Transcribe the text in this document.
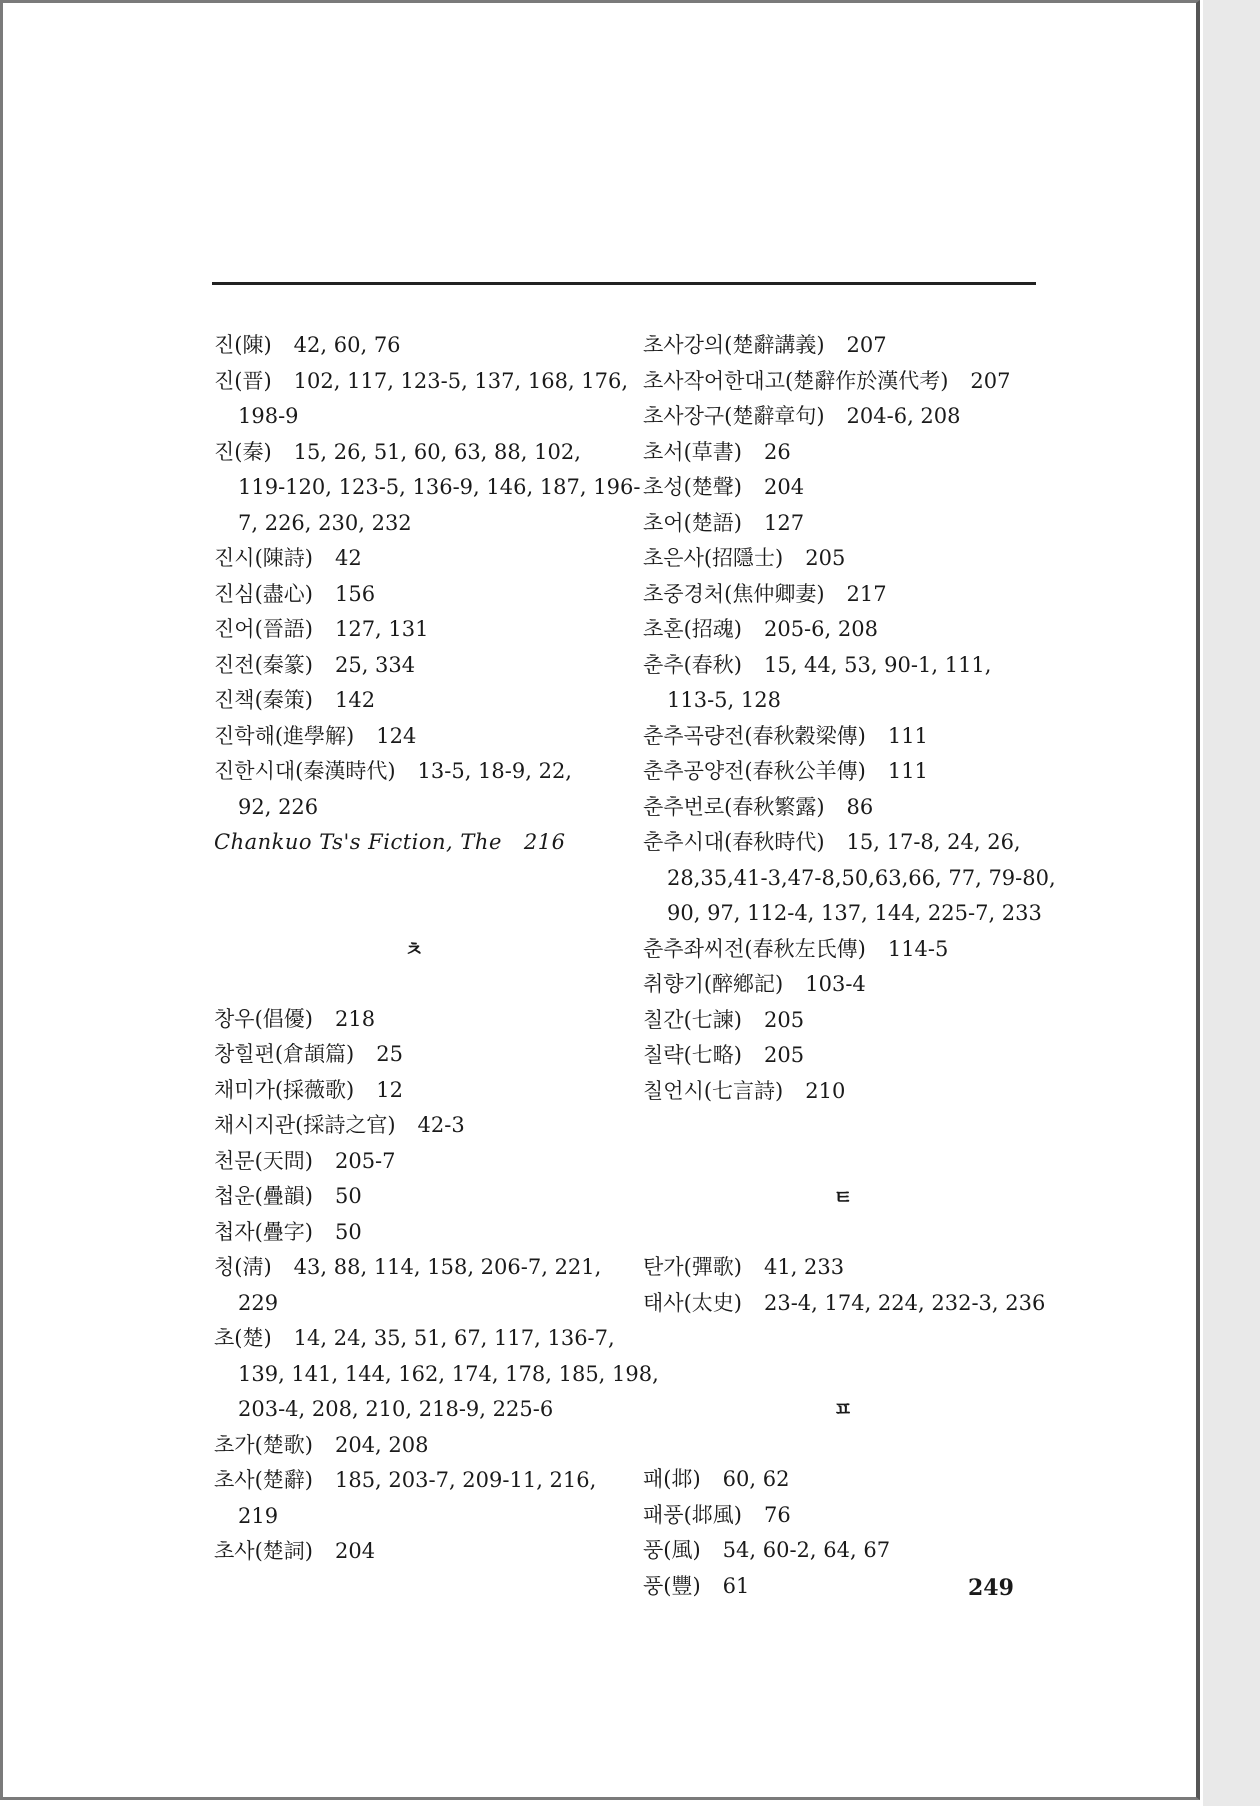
진(陳) 42, 60, 76
진(晋) 102, 117, 123-5, 137, 168, 176,
198-9
진(秦) 15, 26, 51, 60, 63, 88, 102,
119-120, 123-5, 136-9, 146, 187, 196-
7, 226, 230, 232
진시(陳詩) 42
진심(盡心) 156
진어(晉語) 127, 131
진전(秦篆) 25, 334
진책(秦策) 142
진학해(進學解) 124
진한시대(秦漢時代) 13-5, 18-9, 22,
92, 226
Chankuo Ts's Fiction, The 216
ㅊ
창우(倡優) 218
창힐편(倉頡篇) 25
채미가(採薇歌) 12
채시지관(採詩之官) 42-3
천문(天問) 205-7
첩운(疊韻) 50
첩자(疊字) 50
청(淸) 43, 88, 114, 158, 206-7, 221,
229
초(楚) 14, 24, 35, 51, 67, 117, 136-7,
139, 141, 144, 162, 174, 178, 185, 198,
203-4, 208, 210, 218-9, 225-6
초가(楚歌) 204, 208
초사(楚辭) 185, 203-7, 209-11, 216,
219
초사(楚詞) 204
초사강의(楚辭講義) 207
초사작어한대고(楚辭作於漢代考) 207
초사장구(楚辭章句) 204-6, 208
초서(草書) 26
초성(楚聲) 204
초어(楚語) 127
초은사(招隱士) 205
초중경처(焦仲卿妻) 217
초혼(招魂) 205-6, 208
춘추(春秋) 15, 44, 53, 90-1, 111,
113-5, 128
춘추곡량전(春秋穀梁傳) 111
춘추공양전(春秋公羊傳) 111
춘추번로(春秋繁露) 86
춘추시대(春秋時代) 15, 17-8, 24, 26,
28,35,41-3,47-8,50,63,66, 77, 79-80,
90, 97, 112-4, 137, 144, 225-7, 233
춘추좌씨전(春秋左氏傳) 114-5
취향기(醉鄕記) 103-4
칠간(七諫) 205
칠략(七略) 205
칠언시(七言詩) 210
ㅌ
탄가(彈歌) 41, 233
태사(太史) 23-4, 174, 224, 232-3, 236
ㅍ
패(邶) 60, 62
패풍(邶風) 76
풍(風) 54, 60-2, 64, 67
풍(豐) 61	249
